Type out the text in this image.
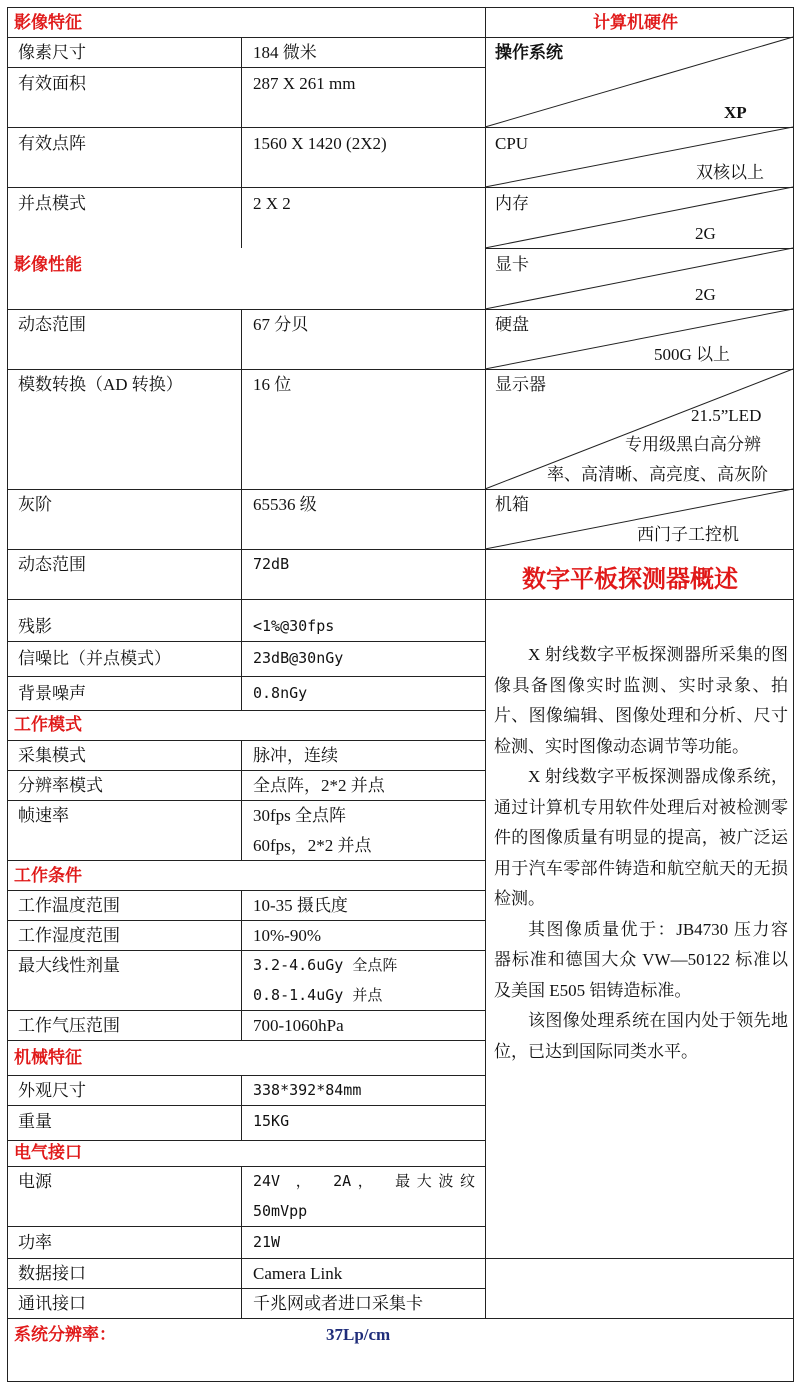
影像特征
像素尺寸	184 微米
有效面积	287 X 261 mm
有效点阵	1560 X 1420 (2X2)
并点模式	2 X 2
影像性能
动态范围	67 分贝
模数转换（AD 转换）	16 位
灰阶	65536 级
动态范围	72dB
残影	<1%@30fps
信噪比（并点模式）	23dB@30nGy
背景噪声	0.8nGy
工作模式
采集模式	脉冲，连续
分辨率模式	全点阵，2*2 并点
帧速率	30fps 全点阵
60fps，2*2 并点
工作条件
工作温度范围	10-35 摄氏度
工作湿度范围	10%-90%
最大线性剂量	3.2-4.6uGy 全点阵
0.8-1.4uGy 并点
工作气压范围	700-1060hPa
机械特征
外观尺寸	338*392*84mm
重量	15KG
电气接口
电源	24V ， 2A， 最大波纹
50mVpp
功率	21W
数据接口	Camera Link
通讯接口	千兆网或者进口采集卡
系统分辨率：	37Lp/cm
计算机硬件
操作系统
XP
CPU
双核以上
内存
2G
显卡
2G
硬盘
500G 以上
显示器
21.5”LED
专用级黑白高分辨
率、高清晰、高亮度、高灰阶
机箱
西门子工控机
数字平板探测器概述

X 射线数字平板探测器所采集的图像具备图像实时监测、实时录象、拍片、图像编辑、图像处理和分析、尺寸检测、实时图像动态调节等功能。

X 射线数字平板探测器成像系统，通过计算机专用软件处理后对被检测零件的图像质量有明显的提高，被广泛运用于汽车零部件铸造和航空航天的无损检测。

其图像质量优于：JB4730 压力容器标准和德国大众 VW—50122 标准以及美国 E505 铝铸造标准。

该图像处理系统在国内处于领先地位，已达到国际同类水平。
